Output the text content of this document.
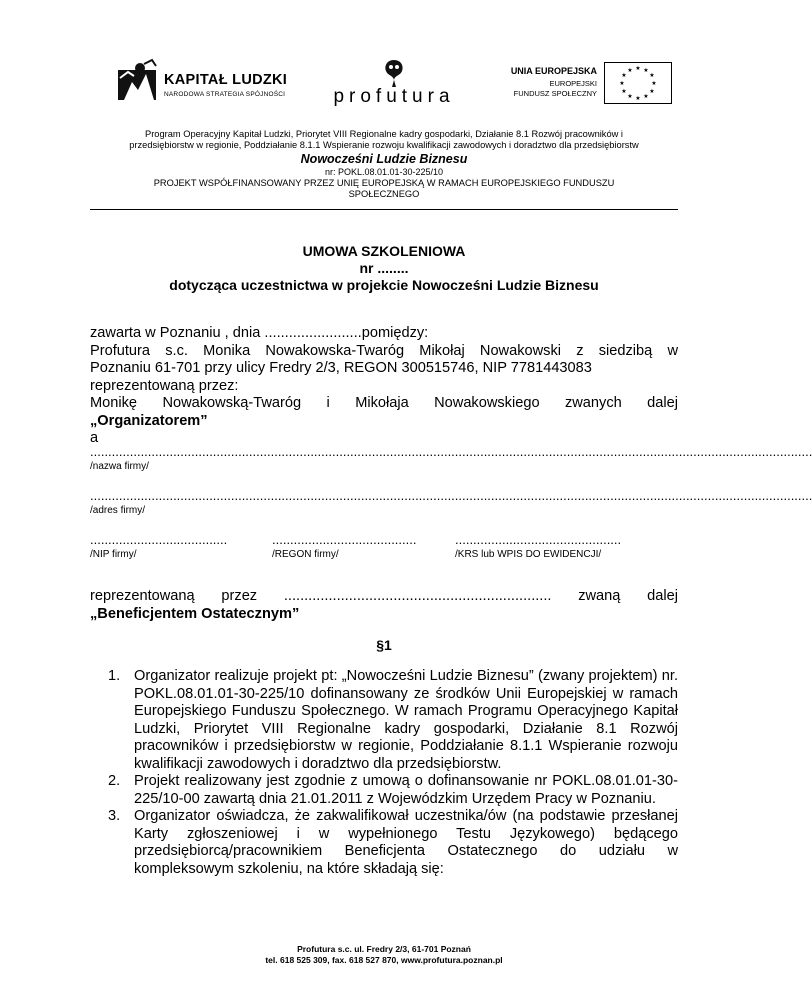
KAPITAŁ LUDZKI
NARODOWA STRATEGIA SPÓJNOŚCI	profutura
UNIA EUROPEJSKA
EUROPEJSKI
FUNDUSZ SPOŁECZNY
★ ★
★
★
★
★
★
★
★
★
★
★
Program Operacyjny Kapitał Ludzki, Priorytet VIII Regionalne kadry gospodarki, Działanie 8.1 Rozwój pracowników i
przedsiębiorstw w regionie, Poddziałanie 8.1.1 Wspieranie rozwoju kwalifikacji zawodowych i doradztwo dla przedsiębiorstw
Nowocześni Ludzie Biznesu
nr: POKL.08.01.01-30-225/10
PROJEKT WSPÓŁFINANSOWANY PRZEZ UNIĘ EUROPEJSKĄ W RAMACH EUROPEJSKIEGO FUNDUSZU
SPOŁECZNEGO
UMOWA SZKOLENIOWA
nr ........
dotycząca uczestnictwa w projekcie Nowocześni Ludzie Biznesu
zawarta w Poznaniu , dnia ........................pomiędzy:
Profutura s.c. Monika Nowakowska-Twaróg Mikołaj Nowakowski z siedzibą w
Poznaniu 61-701 przy ulicy Fredry 2/3, REGON 300515746, NIP 7781443083
reprezentowaną przez:
Monikę Nowakowską-Twaróg i Mikołaja Nowakowskiego zwanych dalej
„Organizatorem”
a
........................................................................................................................................................................................................
/nazwa firmy/
........................................................................................................................................................................................................
/adres firmy/
......................................	........................................	..............................................
/NIP firmy/	/REGON firmy/	/KRS lub WPIS DO EWIDENCJI/
reprezentowaną przez .................................................................. zwaną dalej
„Beneficjentem Ostatecznym”
§1
1. Organizator realizuje projekt pt: „Nowocześni Ludzie Biznesu” (zwany projektem) nr. POKL.08.01.01-30-225/10 dofinansowany ze środków Unii Europejskiej w ramach Europejskiego Funduszu Społecznego. W ramach Programu Operacyjnego Kapitał Ludzki, Priorytet VIII Regionalne kadry gospodarki, Działanie 8.1 Rozwój pracowników i przedsiębiorstw w regionie, Poddziałanie 8.1.1 Wspieranie rozwoju kwalifikacji zawodowych i doradztwo dla przedsiębiorstw.
2. Projekt realizowany jest zgodnie z umową o dofinansowanie nr POKL.08.01.01-30-225/10-00 zawartą dnia 21.01.2011 z Wojewódzkim Urzędem Pracy w Poznaniu.
3. Organizator oświadcza, że zakwalifikował uczestnika/ów (na podstawie przesłanej Karty zgłoszeniowej i w wypełnionego Testu Językowego) będącego przedsiębiorcą/pracownikiem Beneficjenta Ostatecznego do udziału w kompleksowym szkoleniu, na które składają się:
Profutura s.c. ul. Fredry 2/3, 61-701 Poznań
tel. 618 525 309, fax. 618 527 870, www.profutura.poznan.pl
